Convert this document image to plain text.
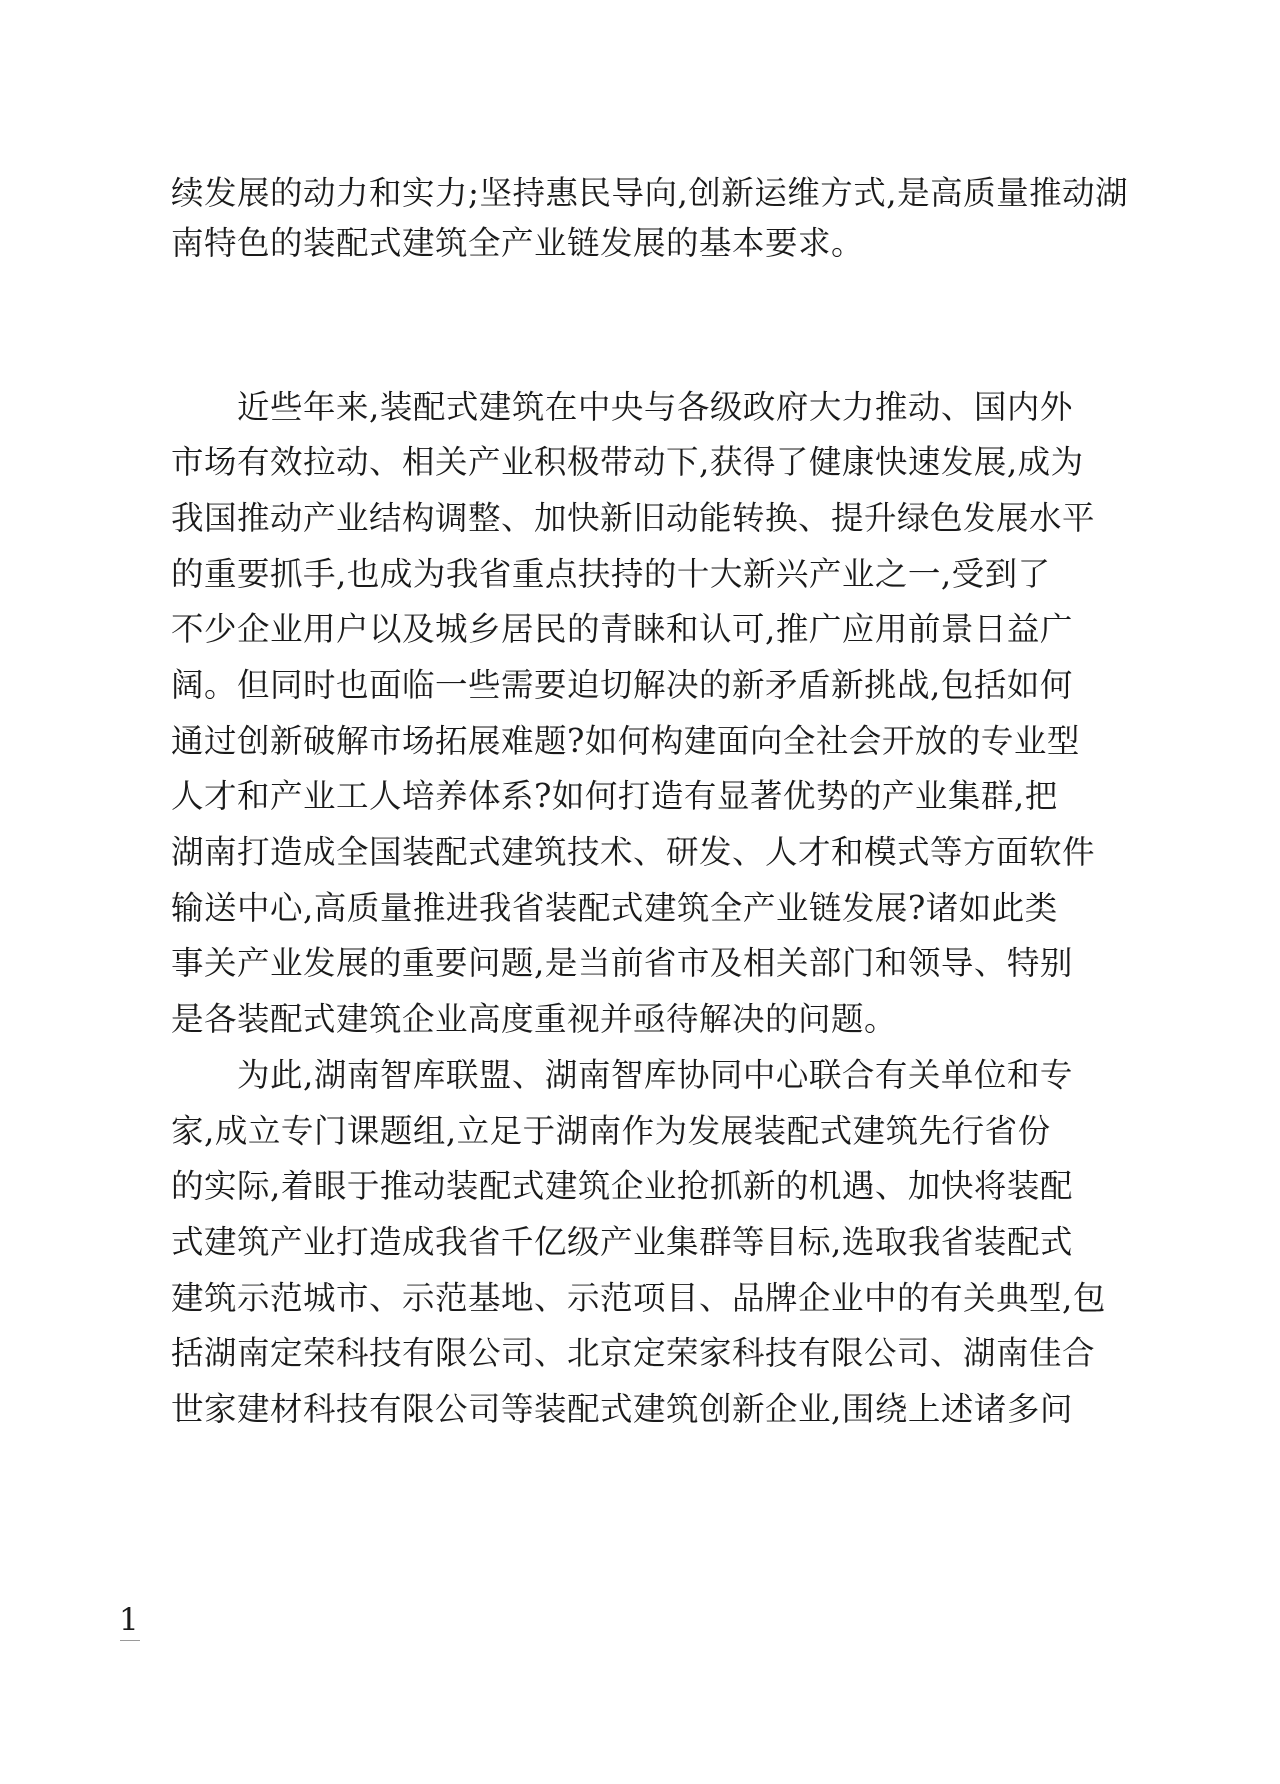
续发展的动力和实力;坚持惠民导向,创新运维方式,是高质量推动湖
南特色的装配式建筑全产业链发展的基本要求。
近些年来,装配式建筑在中央与各级政府大力推动、国内外
市场有效拉动、相关产业积极带动下,获得了健康快速发展,成为
我国推动产业结构调整、加快新旧动能转换、提升绿色发展水平
的重要抓手,也成为我省重点扶持的十大新兴产业之一,受到了
不少企业用户以及城乡居民的青睐和认可,推广应用前景日益广
阔。但同时也面临一些需要迫切解决的新矛盾新挑战,包括如何
通过创新破解市场拓展难题?如何构建面向全社会开放的专业型
人才和产业工人培养体系?如何打造有显著优势的产业集群,把
湖南打造成全国装配式建筑技术、研发、人才和模式等方面软件
输送中心,高质量推进我省装配式建筑全产业链发展?诸如此类
事关产业发展的重要问题,是当前省市及相关部门和领导、特别
是各装配式建筑企业高度重视并亟待解决的问题。
为此,湖南智库联盟、湖南智库协同中心联合有关单位和专
家,成立专门课题组,立足于湖南作为发展装配式建筑先行省份
的实际,着眼于推动装配式建筑企业抢抓新的机遇、加快将装配
式建筑产业打造成我省千亿级产业集群等目标,选取我省装配式
建筑示范城市、示范基地、示范项目、品牌企业中的有关典型,包
括湖南定荣科技有限公司、北京定荣家科技有限公司、湖南佳合
世家建材科技有限公司等装配式建筑创新企业,围绕上述诸多问
1
